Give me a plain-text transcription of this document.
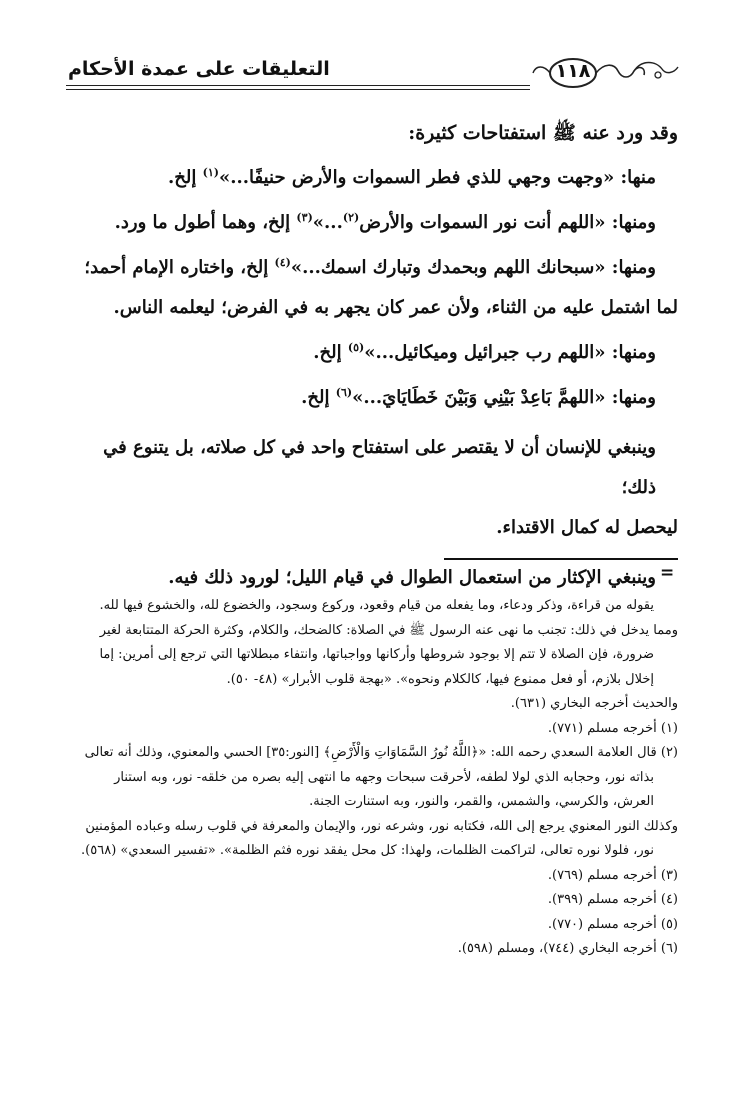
التعليقات على عمدة الأحكام	١١٨

وقد ورد عنه ﷺ استفتاحات كثيرة:

منها: «وجهت وجهي للذي فطر السموات والأرض حنيفًا...»$^{(١)}$ إلخ.

ومنها: «اللهم أنت نور السموات والأرض$^{(٢)}$...»$^{(٣)}$ إلخ، وهما أطول ما ورد.

ومنها: «سبحانك اللهم وبحمدك وتبارك اسمك...»$^{(٤)}$ إلخ، واختاره الإمام أحمد؛

لما اشتمل عليه من الثناء، ولأن عمر كان يجهر به في الفرض؛ ليعلمه الناس.

ومنها: «اللهم رب جبرائيل وميكائيل...»$^{(٥)}$ إلخ.

ومنها: «اللهمَّ بَاعِدْ بَيْنِي وَبَيْنَ خَطَايَايَ...»$^{(٦)}$ إلخ.

وينبغي للإنسان أن لا يقتصر على استفتاح واحد في كل صلاته، بل يتنوع في ذلك؛

ليحصل له كمال الاقتداء.

وينبغي الإكثار من استعمال الطوال في قيام الليل؛ لورود ذلك فيه. =

يقوله من قراءة، وذكر ودعاء، وما يفعله من قيام وقعود، وركوع وسجود، والخضوع لله، والخشوع فيها لله.

ومما يدخل في ذلك: تجنب ما نهى عنه الرسول ﷺ في الصلاة: كالضحك، والكلام، وكثرة الحركة المتتابعة لغير

ضرورة، فإن الصلاة لا تتم إلا بوجود شروطها وأركانها وواجباتها، وانتفاء مبطلاتها التي ترجع إلى أمرين: إما

إخلال بلازم، أو فعل ممنوع فيها، كالكلام ونحوه». «بهجة قلوب الأبرار» (٤٨- ٥٠).

والحديث أخرجه البخاري (٦٣١).

(١) أخرجه مسلم (٧٧١).

(٢) قال العلامة السعدي رحمه الله: «﴿اللَّهُ نُورُ السَّمَاوَاتِ وَالْأَرْضِ﴾ [النور:٣٥] الحسي والمعنوي، وذلك أنه تعالى

بذاته نور، وحجابه الذي لولا لطفه، لأحرقت سبحات وجهه ما انتهى إليه بصره من خلقه- نور، وبه استنار

العرش، والكرسي، والشمس، والقمر، والنور، وبه استنارت الجنة.

وكذلك النور المعنوي يرجع إلى الله، فكتابه نور، وشرعه نور، والإيمان والمعرفة في قلوب رسله وعباده المؤمنين

نور، فلولا نوره تعالى، لتراكمت الظلمات، ولهذا: كل محل يفقد نوره فثم الظلمة». «تفسير السعدي» (٥٦٨).

(٣) أخرجه مسلم (٧٦٩).

(٤) أخرجه مسلم (٣٩٩).

(٥) أخرجه مسلم (٧٧٠).

(٦) أخرجه البخاري (٧٤٤)، ومسلم (٥٩٨).
